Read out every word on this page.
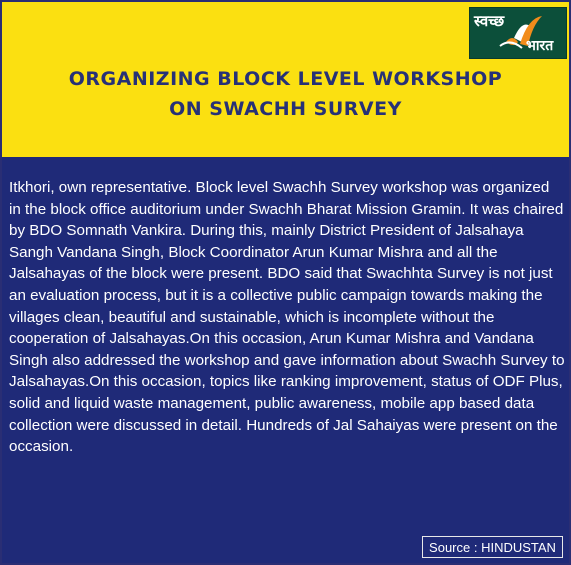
स्वच्छ
भारत
ORGANIZING BLOCK LEVEL WORKSHOP
ON SWACHH SURVEY
Itkhori, own representative. Block level Swachh Survey workshop was organized in the block office auditorium under Swachh Bharat Mission Gramin. It was chaired by BDO Somnath Vankira. During this, mainly District President of Jalsahaya Sangh Vandana Singh, Block Coordinator Arun Kumar Mishra and all the Jalsahayas of the block were present. BDO said that Swachhta Survey is not just an evaluation process, but it is a collective public campaign towards making the villages clean, beautiful and sustainable, which is incomplete without the cooperation of Jalsahayas.On this occasion, Arun Kumar Mishra and Vandana Singh also addressed the workshop and gave information about Swachh Survey to Jalsahayas.On this occasion, topics like ranking improvement, status of ODF Plus, solid and liquid waste management, public awareness, mobile app based data collection were discussed in detail. Hundreds of Jal Sahaiyas were present on the occasion.
Source : HINDUSTAN
